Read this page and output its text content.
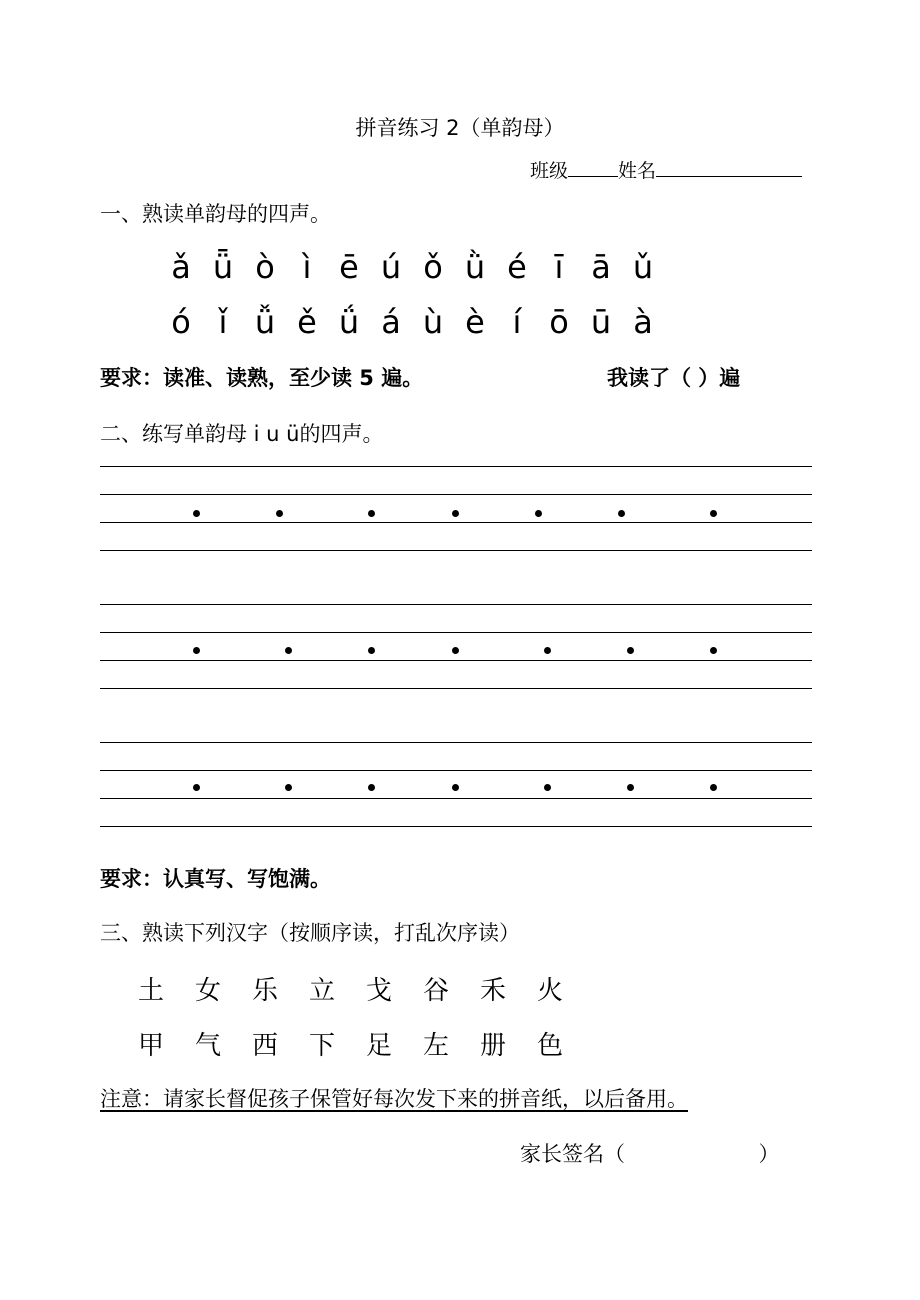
拼音练习 2（单韵母）
班级	姓名
一、熟读单韵母的四声。
ǎ ǖ ò ì ē ú ǒ ǜ é ī ā ǔ
ó ǐ ǚ ě ǘ á ù è í ō ū à
要求：读准、读熟，至少读 5 遍。	我读了（ ）遍
二、练写单韵母 i u ü的四声。
要求：认真写、写饱满。
三、熟读下列汉字（按顺序读，打乱次序读）
土 女 乐 立 戈 谷 禾 火
甲 气 西 下 足 左 册 色
注意：请家长督促孩子保管好每次发下来的拼音纸，以后备用。
家长签名（                    ）
